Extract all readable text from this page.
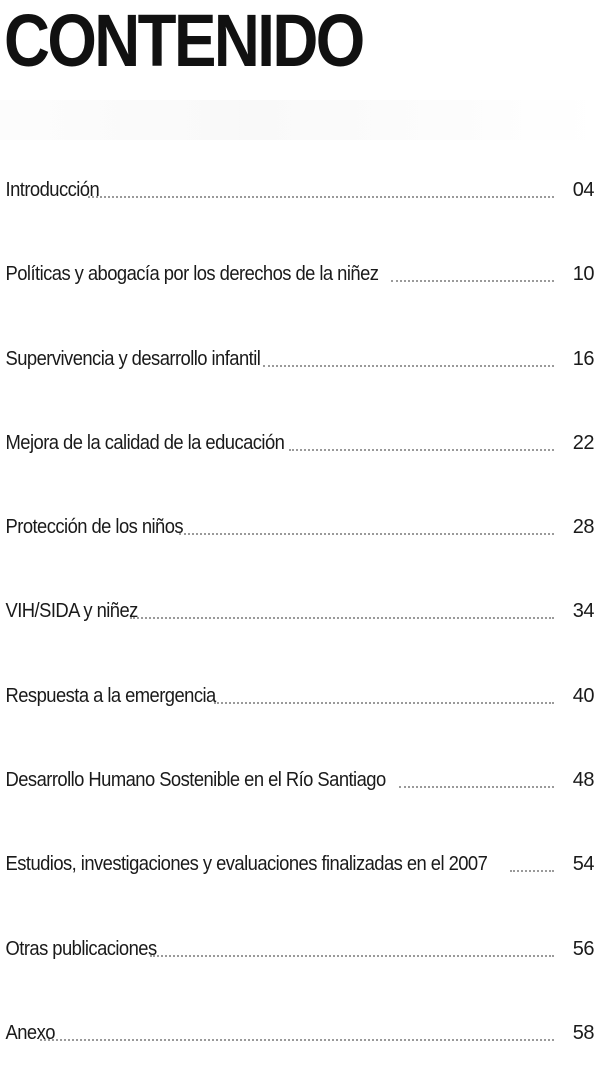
CONTENIDO
Introducción	04
Políticas y abogacía por los derechos de la niñez	10
Supervivencia y desarrollo infantil	16
Mejora de la calidad de la educación	22
Protección de los niños	28
VIH/SIDA y niñez	34
Respuesta a la emergencia	40
Desarrollo Humano Sostenible en el Río Santiago	48
Estudios, investigaciones y evaluaciones finalizadas en el 2007	54
Otras publicaciones	56
Anexo	58
